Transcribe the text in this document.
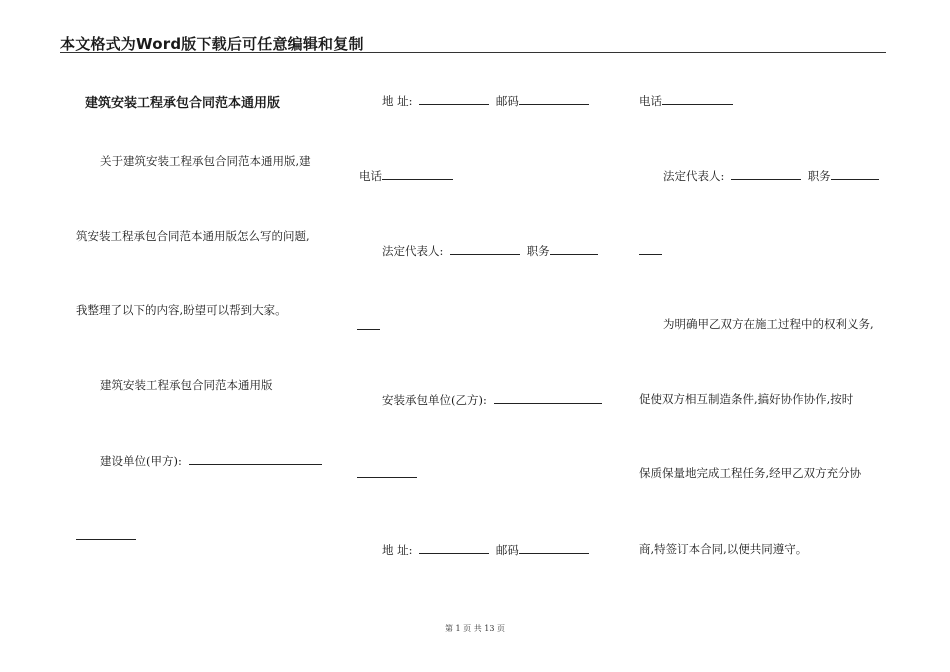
本文格式为Word版下载后可任意编辑和复制
建筑安装工程承包合同范本通用版
关于建筑安装工程承包合同范本通用版,建
筑安装工程承包合同范本通用版怎么写的问题,
我整理了以下的内容,盼望可以帮到大家。
建筑安装工程承包合同范本通用版
建设单位(甲方):
地 址:	邮码
电话
法定代表人:	职务
安装承包单位(乙方):
地 址:	邮码
电话
法定代表人:	职务
为明确甲乙双方在施工过程中的权利义务,
促使双方相互制造条件,搞好协作协作,按时
保质保量地完成工程任务,经甲乙双方充分协
商,特签订本合同,以便共同遵守。
第 1 页 共 13 页
